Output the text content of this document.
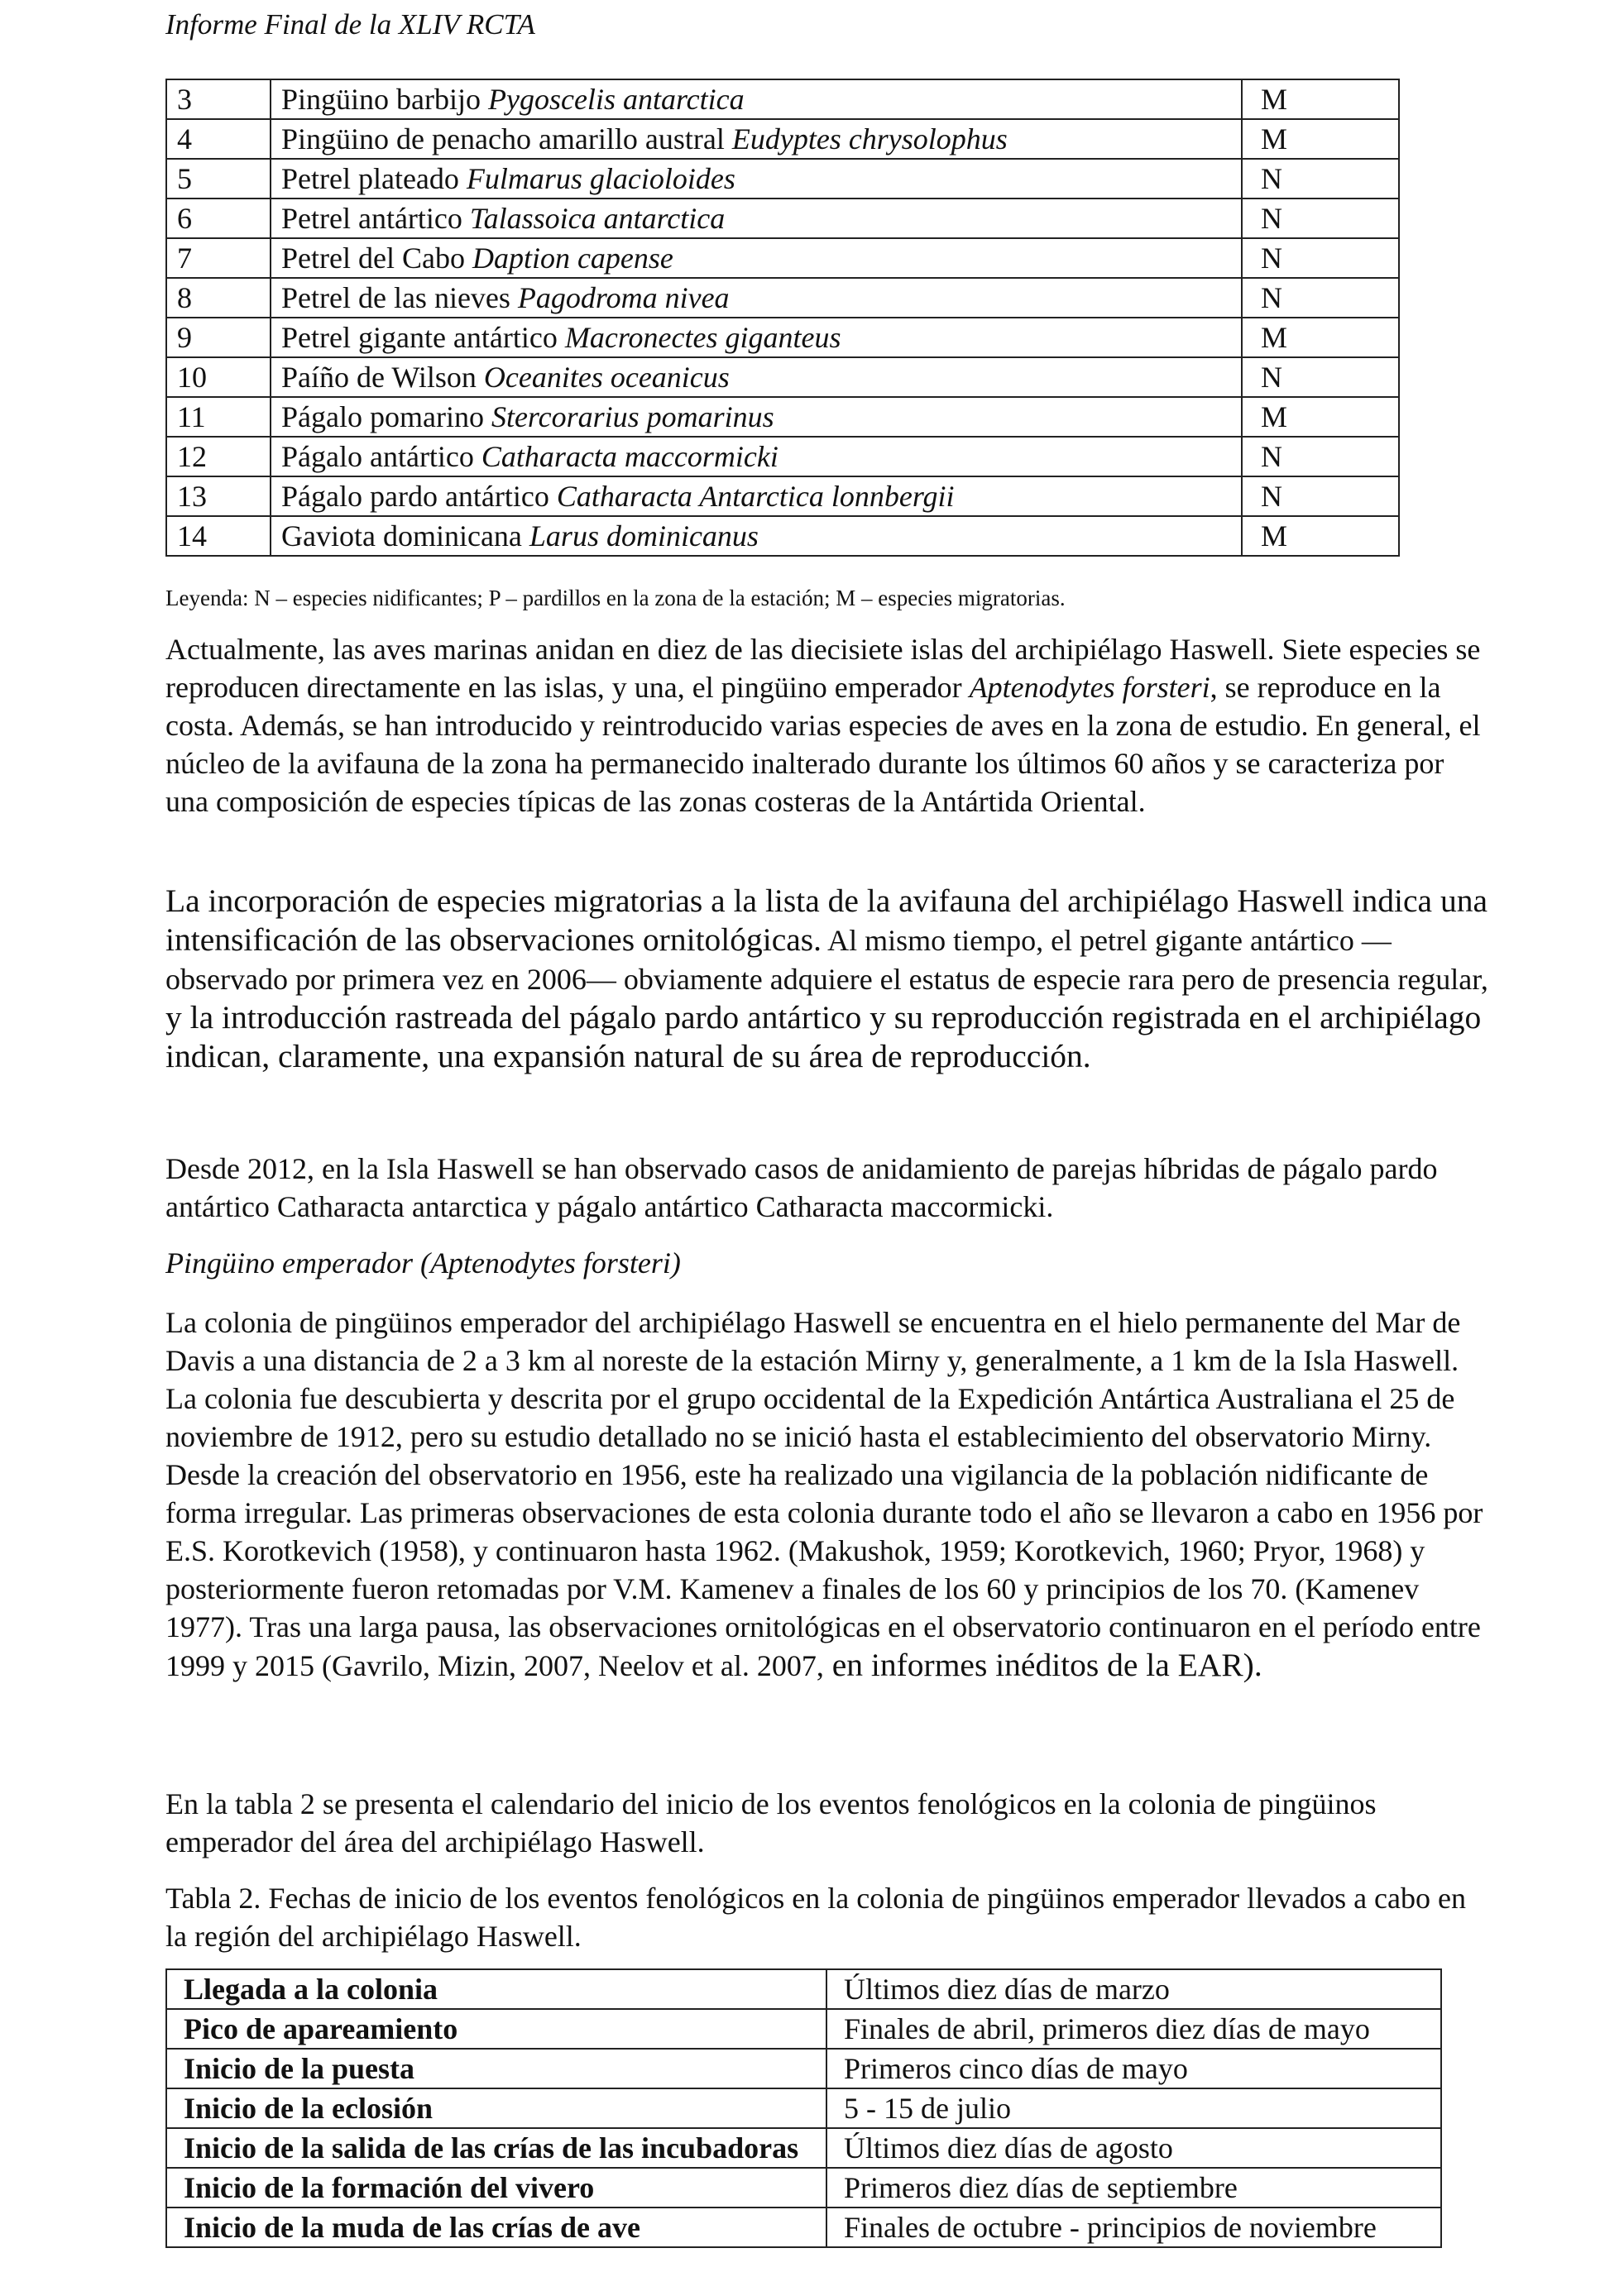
Informe Final de la XLIV RCTA
3	Pingüino barbijo Pygoscelis antarctica	M
4	Pingüino de penacho amarillo austral Eudyptes chrysolophus	M
5	Petrel plateado Fulmarus glacioloides	N
6	Petrel antártico Talassoica antarctica	N
7	Petrel del Cabo Daption capense	N
8	Petrel de las nieves Pagodroma nivea	N
9	Petrel gigante antártico Macronectes giganteus	M
10	Paíño de Wilson Oceanites oceanicus	N
11	Págalo pomarino Stercorarius pomarinus	M
12	Págalo antártico Catharacta maccormicki	N
13	Págalo pardo antártico Catharacta Antarctica lonnbergii	N
14	Gaviota dominicana Larus dominicanus	M
Leyenda: N – especies nidificantes; P – pardillos en la zona de la estación; M – especies migratorias.

Actualmente, las aves marinas anidan en diez de las diecisiete islas del archipiélago Haswell. Siete especies se reproducen directamente en las islas, y una, el pingüino emperador Aptenodytes forsteri, se reproduce en la costa. Además, se han introducido y reintroducido varias especies de aves en la zona de estudio. En general, el núcleo de la avifauna de la zona ha permanecido inalterado durante los últimos 60 años y se caracteriza por una composición de especies típicas de las zonas costeras de la Antártida Oriental.

La incorporación de especies migratorias a la lista de la avifauna del archipiélago Haswell indica una intensificación de las observaciones ornitológicas. Al mismo tiempo, el petrel gigante antártico —observado por primera vez en 2006— obviamente adquiere el estatus de especie rara pero de presencia regular, y la introducción rastreada del págalo pardo antártico y su reproducción registrada en el archipiélago indican, claramente, una expansión natural de su área de reproducción.

Desde 2012, en la Isla Haswell se han observado casos de anidamiento de parejas híbridas de págalo pardo antártico Catharacta antarctica y págalo antártico Catharacta maccormicki.

Pingüino emperador (Aptenodytes forsteri)

La colonia de pingüinos emperador del archipiélago Haswell se encuentra en el hielo permanente del Mar de Davis a una distancia de 2 a 3 km al noreste de la estación Mirny y, generalmente, a 1 km de la Isla Haswell. La colonia fue descubierta y descrita por el grupo occidental de la Expedición Antártica Australiana el 25 de noviembre de 1912, pero su estudio detallado no se inició hasta el establecimiento del observatorio Mirny. Desde la creación del observatorio en 1956, este ha realizado una vigilancia de la población nidificante de forma irregular. Las primeras observaciones de esta colonia durante todo el año se llevaron a cabo en 1956 por E.S. Korotkevich (1958), y continuaron hasta 1962. (Makushok, 1959; Korotkevich, 1960; Pryor, 1968) y posteriormente fueron retomadas por V.M. Kamenev a finales de los 60 y principios de los 70. (Kamenev 1977). Tras una larga pausa, las observaciones ornitológicas en el observatorio continuaron en el período entre 1999 y 2015 (Gavrilo, Mizin, 2007, Neelov et al. 2007, en informes inéditos de la EAR).

En la tabla 2 se presenta el calendario del inicio de los eventos fenológicos en la colonia de pingüinos emperador del área del archipiélago Haswell.

Tabla 2. Fechas de inicio de los eventos fenológicos en la colonia de pingüinos emperador llevados a cabo en la región del archipiélago Haswell.
Llegada a la colonia	Últimos diez días de marzo
Pico de apareamiento	Finales de abril, primeros diez días de mayo
Inicio de la puesta	Primeros cinco días de mayo
Inicio de la eclosión	5 - 15 de julio
Inicio de la salida de las crías de las incubadoras	Últimos diez días de agosto
Inicio de la formación del vivero	Primeros diez días de septiembre
Inicio de la muda de las crías de ave	Finales de octubre - principios de noviembre
